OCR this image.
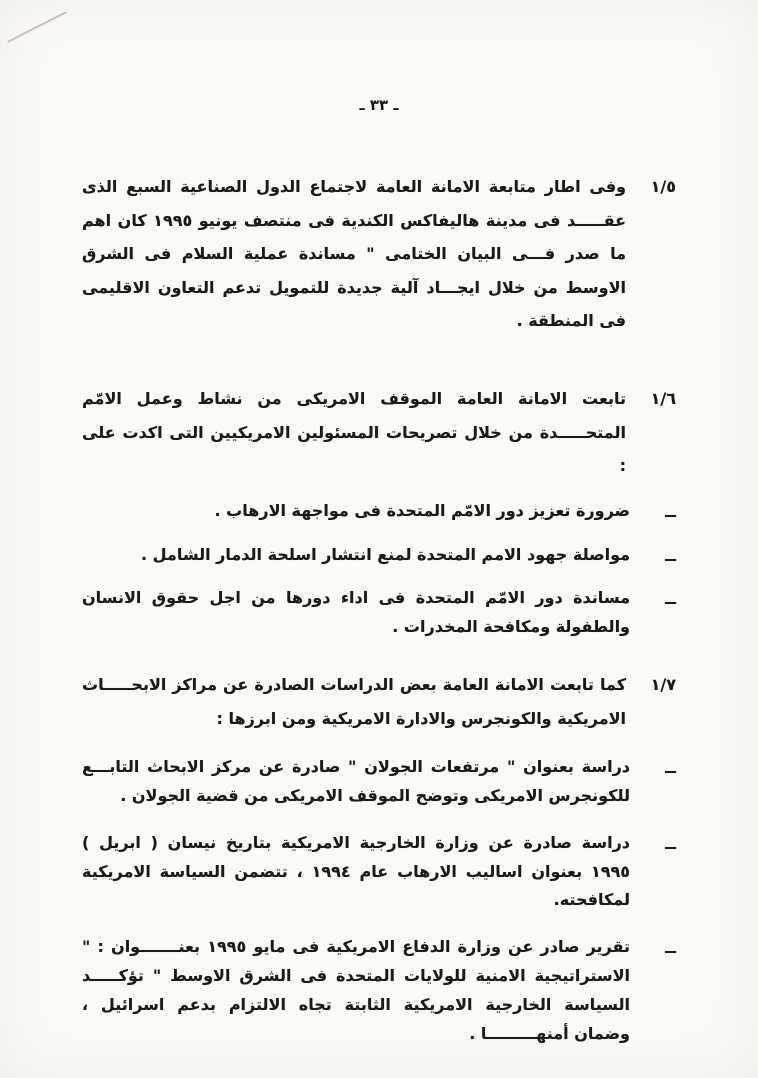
ـ ٣٣ ـ
١/٥
وفى اطار متابعة الامانة العامة لاجتماع الدول الصناعية السبع الذى عقـــــد فى مدينة هاليفاكس الكندية فى منتصف يونيو ١٩٩٥ كان اهم ما صدر فـــى البيان الختامى " مساندة عملية السلام فى الشرق الاوسط من خلال ايجـــاد آلية جديدة للتمويل تدعم التعاون الاقليمى فى المنطقة .
١/٦
تابعت الامانة العامة الموقف الامريكى من نشاط وعمل الامّم المتحـــــدة من خلال تصريحات المسئولين الامريكيين التى اكدت على :
ــ
ضرورة تعزيز دور الامّم المتحدة فى مواجهة الارهاب .
ــ
مواصلة جهود الامم المتحدة لمنع انتشار اسلحة الدمار الشامل .
ــ
مساندة دور الامّم المتحدة فى اداء دورها من اجل حقوق الانسان والطفولة ومكافحة المخدرات .
١/٧
كما تابعت الامانة العامة بعض الدراسات الصادرة عن مراكز الابحـــــاث الامريكية والكونجرس والادارة الامريكية ومن ابرزها :
ــ
دراسة بعنوان " مرتفعات الجولان " صادرة عن مركز الابحاث التابـــع للكونجرس الامريكى وتوضح الموقف الامريكى من قضية الجولان .
ــ
دراسة صادرة عن وزارة الخارجية الامريكية بتاريخ نيسان ( ابريل ) ١٩٩٥ بعنوان اساليب الارهاب عام ١٩٩٤ ، تتضمن السياسة الامريكية لمكافحته.
ــ
تقرير صادر عن وزارة الدفاع الامريكية فى مايو ١٩٩٥ بعنـــــــوان : " الاستراتيجية الامنية للولايات المتحدة فى الشرق الاوسط " تؤكـــــد السياسة الخارجية الامريكية الثابتة تجاه الالتزام بدعم اسرائيل ، وضمان أمنهـــــــــا .
